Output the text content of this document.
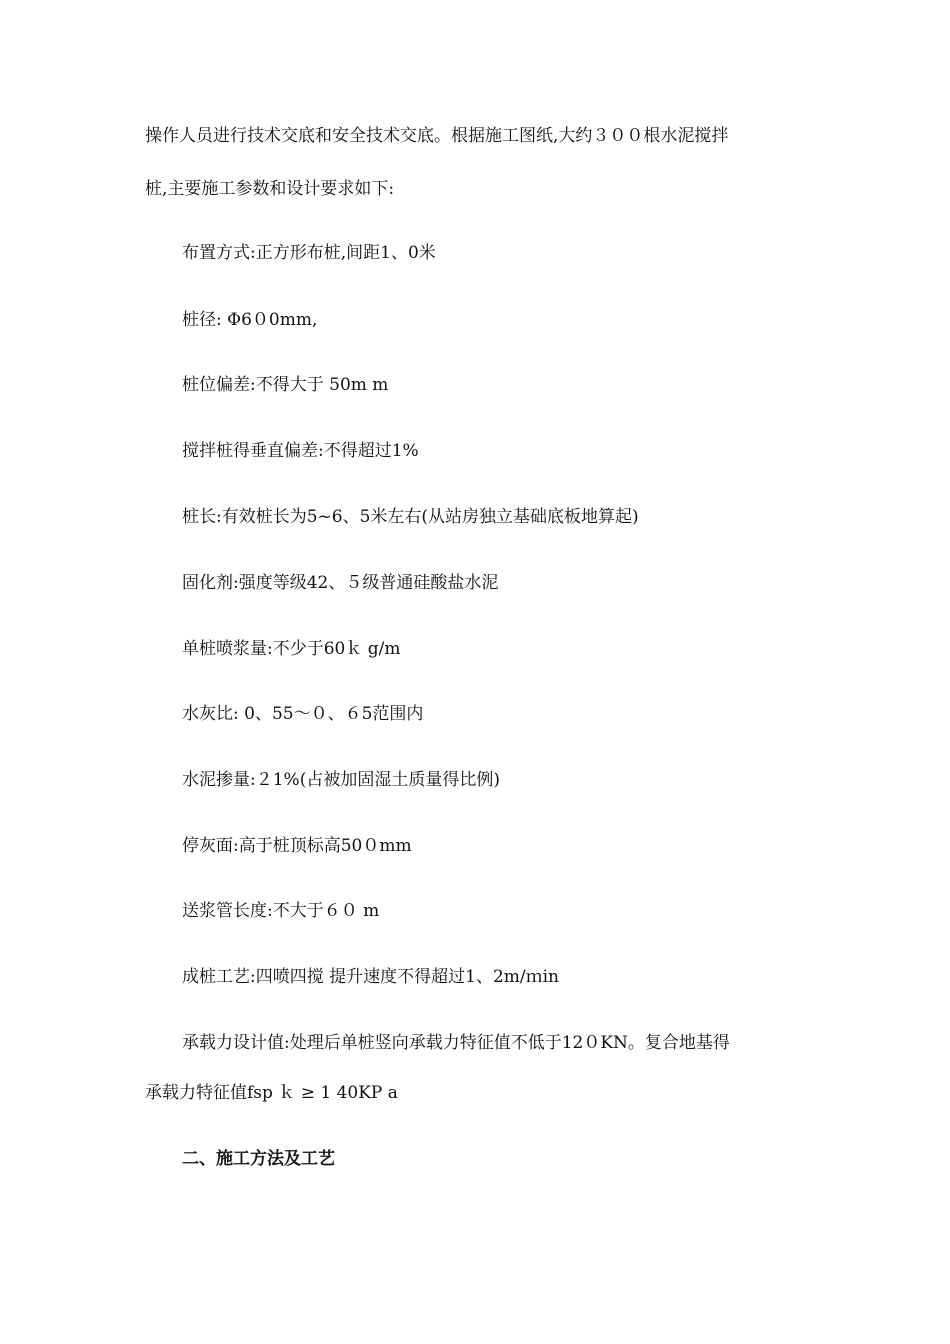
操作人员进行技术交底和安全技术交底。根据施工图纸,大约３００根水泥搅拌
桩,主要施工参数和设计要求如下:
布置方式:正方形布桩,间距1、0米
桩径: Φ6０0mm,
桩位偏差:不得大于 50m m
搅拌桩得垂直偏差:不得超过1%
桩长:有效桩长为5~6、5米左右(从站房独立基础底板地算起)
固化剂:强度等级42、５级普通硅酸盐水泥
单桩喷浆量:不少于60ｋ g/m
水灰比: 0、55～０、６5范围内
水泥掺量:２1%(占被加固湿土质量得比例)
停灰面:高于桩顶标高50０mm
送浆管长度:不大于６０ m
成桩工艺:四喷四搅 提升速度不得超过1、2m/ｍin
承载力设计值:处理后单桩竖向承载力特征值不低于12０KN。复合地基得
承载力特征值fsp ｋ ≥ 1 40KP a
二、施工方法及工艺
